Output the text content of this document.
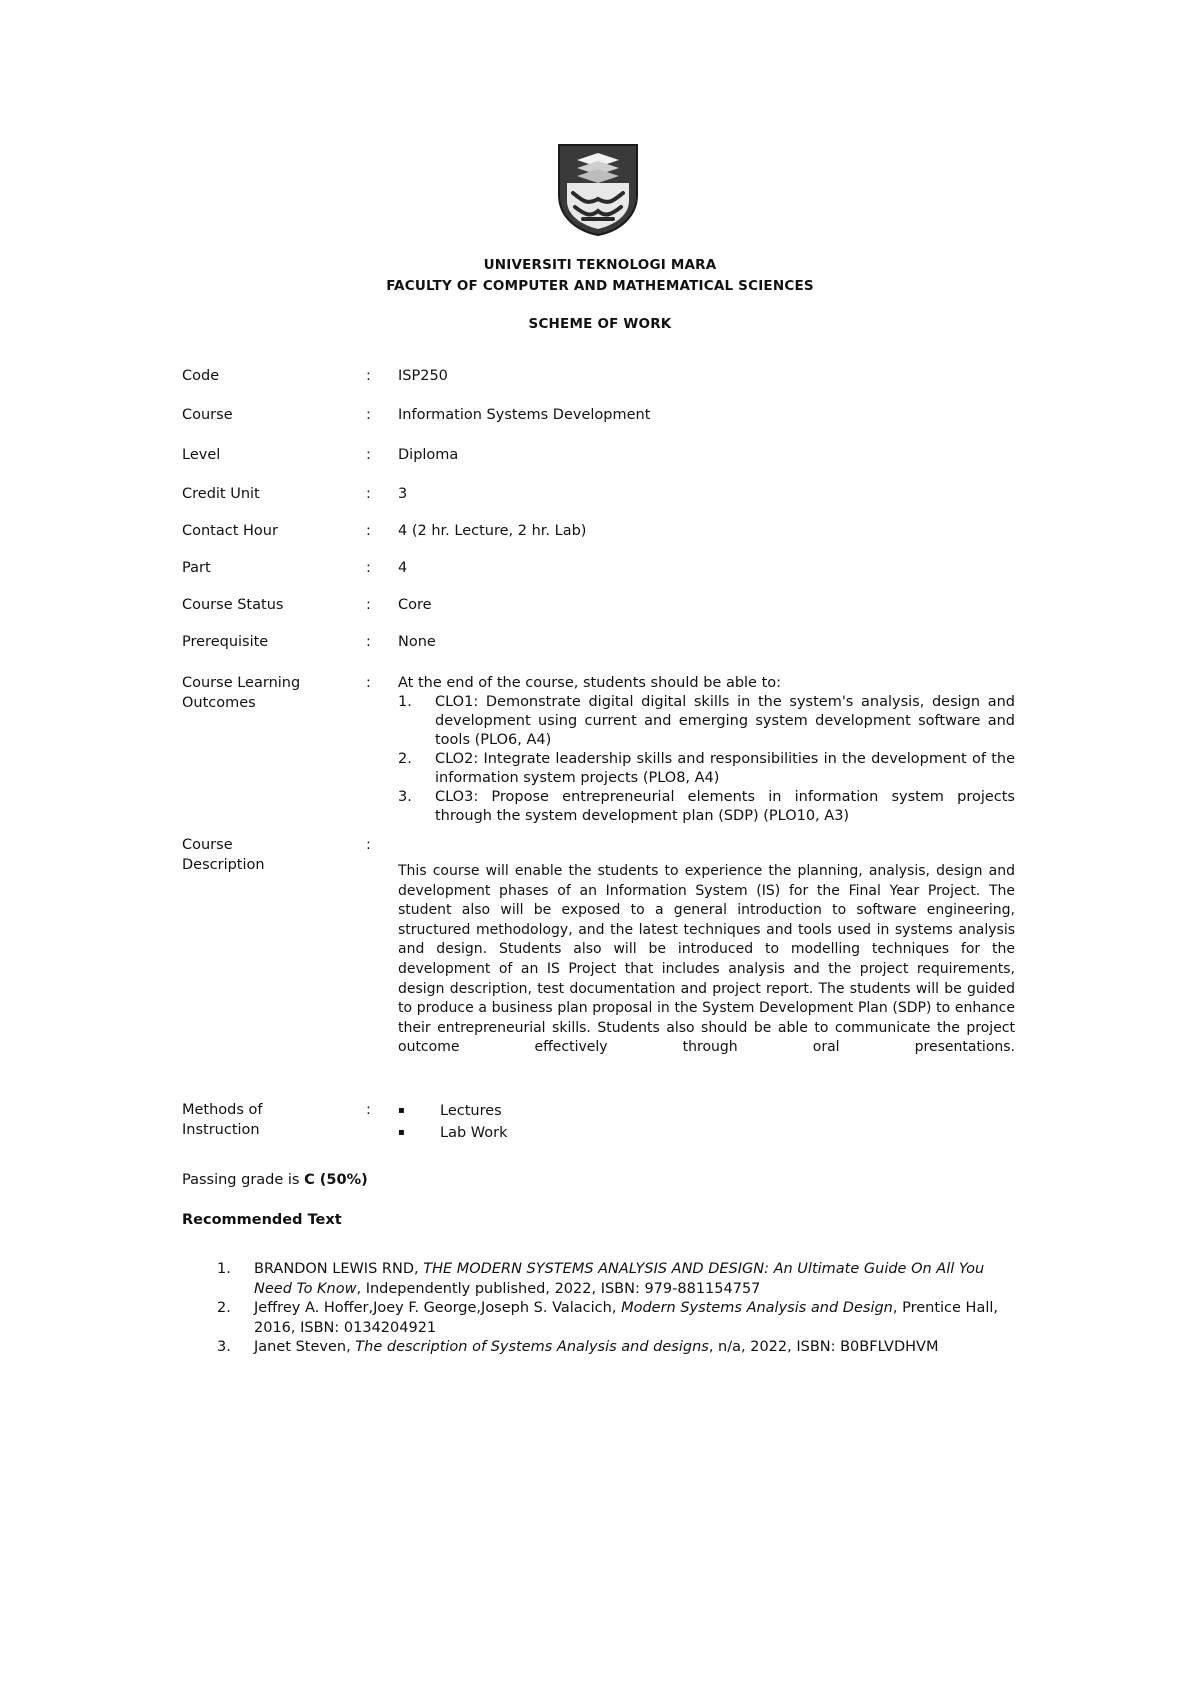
UNIVERSITI TEKNOLOGI MARA
FACULTY OF COMPUTER AND MATHEMATICAL SCIENCES
SCHEME OF WORK
Code	:	ISP250
Course	:	Information Systems Development
Level	:	Diploma
Credit Unit	:	3
Contact Hour	:	4 (2 hr. Lecture, 2 hr. Lab)
Part	:	4
Course Status	:	Core
Prerequisite	:	None
Course Learning
Outcomes
:	At the end of the course, students should be able to:
1. CLO1: Demonstrate digital digital skills in the system's analysis, design and development using current and emerging system development software and tools (PLO6, A4)
2. CLO2: Integrate leadership skills and responsibilities in the development of the information system projects (PLO8, A4)
3. CLO3: Propose entrepreneurial elements in information system projects through the system development plan (SDP) (PLO10, A3)
Course
Description
:
This course will enable the students to experience the planning, analysis, design and development phases of an Information System (IS) for the Final Year Project. The student also will be exposed to a general introduction to software engineering, structured methodology, and the latest techniques and tools used in systems analysis and design. Students also will be introduced to modelling techniques for the development of an IS Project that includes analysis and the project requirements, design description, test documentation and project report. The students will be guided to produce a business plan proposal in the System Development Plan (SDP) to enhance their entrepreneurial skills. Students also should be able to communicate the project outcome effectively through oral presentations.
Methods of
Instruction
:	▪ Lectures
▪ Lab Work
Passing grade is C (50%)
Recommended Text
1. BRANDON LEWIS RND, THE MODERN SYSTEMS ANALYSIS AND DESIGN: An Ultimate Guide On All You Need To Know, Independently published, 2022, ISBN: 979-881154757
2. Jeffrey A. Hoffer,Joey F. George,Joseph S. Valacich, Modern Systems Analysis and Design, Prentice Hall, 2016, ISBN: 0134204921
3. Janet Steven, The description of Systems Analysis and designs, n/a, 2022, ISBN: B0BFLVDHVM
